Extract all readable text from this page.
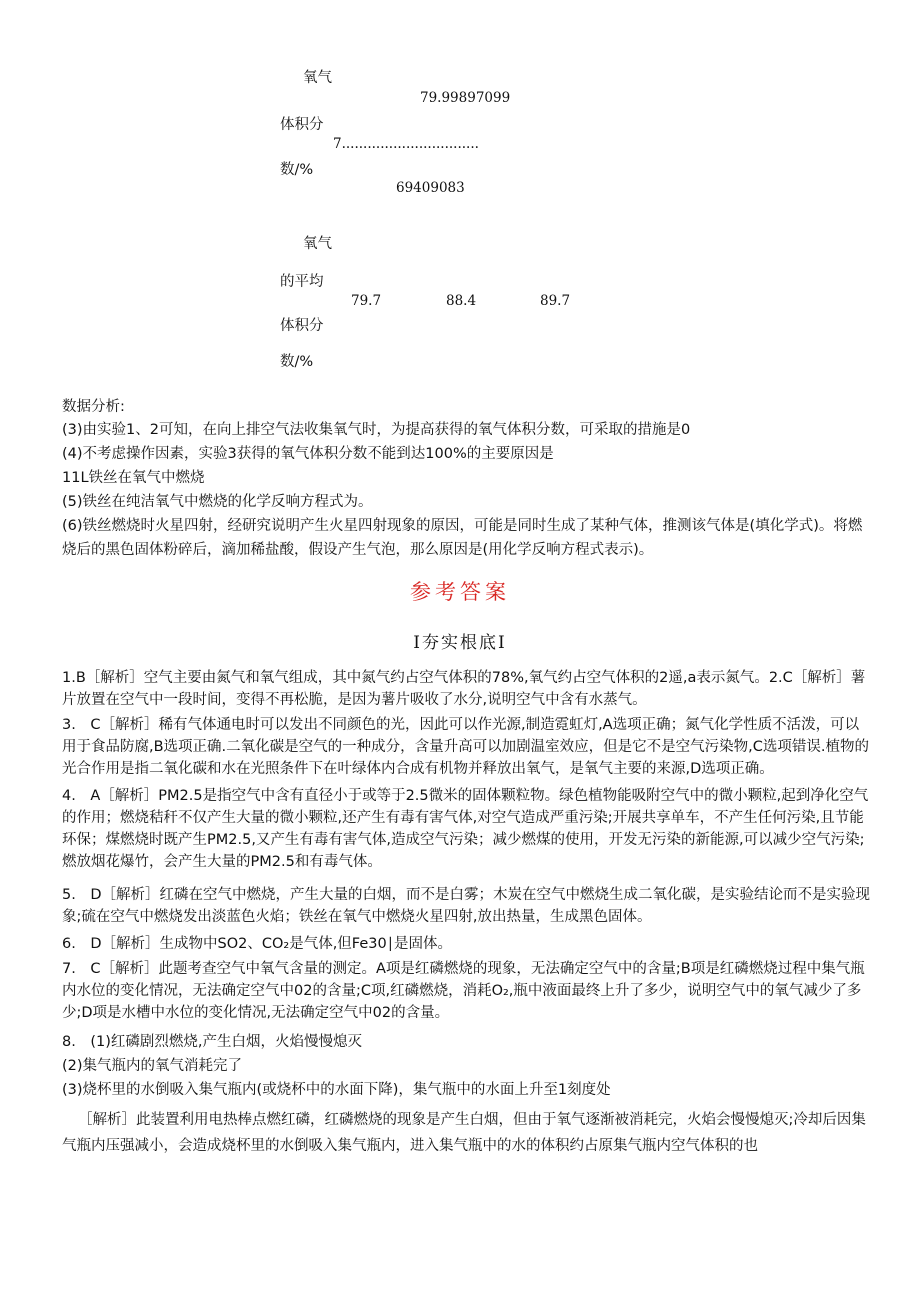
氧气
79.99897099
体积分
7................................
数/%
69409083
氧气
的平均
79.7	88.4	89.7
体积分
数/%
数据分析:
(3)由实验1、2可知，在向上排空气法收集氧气时，为提高获得的氧气体积分数，可采取的措施是0
(4)不考虑操作因素，实验3获得的氧气体积分数不能到达100%的主要原因是
11L铁丝在氧气中燃烧
(5)铁丝在纯洁氧气中燃烧的化学反响方程式为。
(6)铁丝燃烧时火星四射，经研究说明产生火星四射现象的原因，可能是同时生成了某种气体，推测该气体是(填化学式)。将燃烧后的黑色固体粉碎后，滴加稀盐酸，假设产生气泡，那么原因是(用化学反响方程式表示)。
参考答案
I夯实根底I
1.B［解析］空气主要由氮气和氧气组成，其中氮气约占空气体积的78%,氧气约占空气体积的2遥,a表示氮气。2.C［解析］薯片放置在空气中一段时间，变得不再松脆，是因为薯片吸收了水分,说明空气中含有水蒸气。
3.　C［解析］稀有气体通电时可以发出不同颜色的光，因此可以作光源,制造霓虹灯,A选项正确；氮气化学性质不活泼，可以用于食品防腐,B选项正确.二氧化碳是空气的一种成分，含量升高可以加剧温室效应，但是它不是空气污染物,C选项错误.植物的光合作用是指二氧化碳和水在光照条件下在叶绿体内合成有机物并释放出氧气，是氧气主要的来源,D选项正确。
4.　A［解析］PM2.5是指空气中含有直径小于或等于2.5微米的固体颗粒物。绿色植物能吸附空气中的微小颗粒,起到净化空气的作用；燃烧秸秆不仅产生大量的微小颗粒,还产生有毒有害气体,对空气造成严重污染;开展共享单车，不产生任何污染,且节能环保；煤燃烧时既产生PM2.5,又产生有毒有害气体,造成空气污染；减少燃煤的使用，开发无污染的新能源,可以减少空气污染;燃放烟花爆竹，会产生大量的PM2.5和有毒气体。
5.　D［解析］红磷在空气中燃烧，产生大量的白烟，而不是白雾；木炭在空气中燃烧生成二氧化碳，是实验结论而不是实验现象;硫在空气中燃烧发出淡蓝色火焰；铁丝在氧气中燃烧火星四射,放出热量，生成黑色固体。
6.　D［解析］生成物中SO2、CO₂是气体,但Fe30∣是固体。
7.　C［解析］此题考查空气中氧气含量的测定。A项是红磷燃烧的现象，无法确定空气中的含量;B项是红磷燃烧过程中集气瓶内水位的变化情况，无法确定空气中02的含量;C项,红磷燃烧，消耗O₂,瓶中液面最终上升了多少，说明空气中的氧气减少了多少;D项是水槽中水位的变化情况,无法确定空气中02的含量。
8.　(1)红磷剧烈燃烧,产生白烟，火焰慢慢熄灭
(2)集气瓶内的氧气消耗完了
(3)烧杯里的水倒吸入集气瓶内(或烧杯中的水面下降)，集气瓶中的水面上升至1刻度处
［解析］此装置利用电热棒点燃红磷，红磷燃烧的现象是产生白烟，但由于氧气逐渐被消耗完，火焰会慢慢熄灭;冷却后因集气瓶内压强减小，会造成烧杯里的水倒吸入集气瓶内，进入集气瓶中的水的体积约占原集气瓶内空气体积的也
